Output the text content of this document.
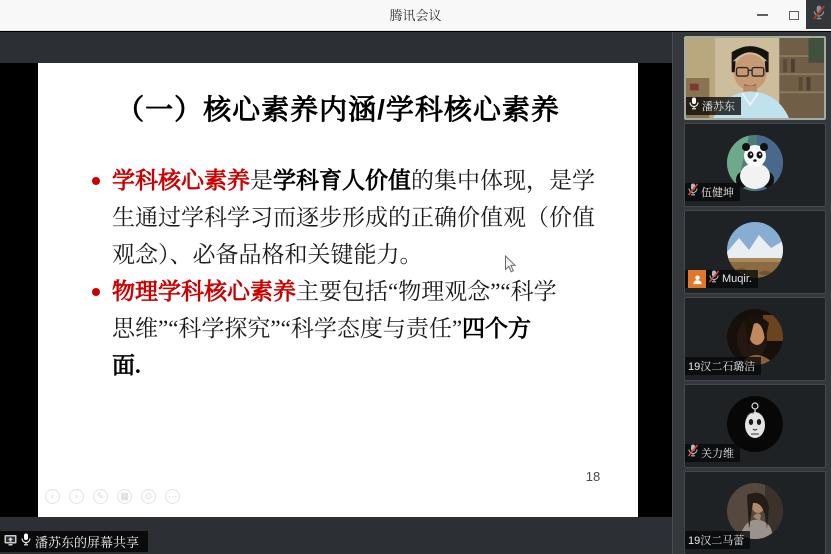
腾讯会议
（一）核心素养内涵/学科核心素养
学科核心素养是学科育人价值的集中体现，是学
生通过学科学习而逐步形成的正确价值观（价值
观念）、必备品格和关键能力。
物理学科核心素养主要包括“物理观念”“科学
思维”“科学探究”“科学态度与责任”四个方
面.
18
‹	›	✎	▦	⊙	···
潘苏东的屏幕共享
潘苏东
伍健坤
Muqir.
19汉二石璐洁
关力维
19汉二马蕾
